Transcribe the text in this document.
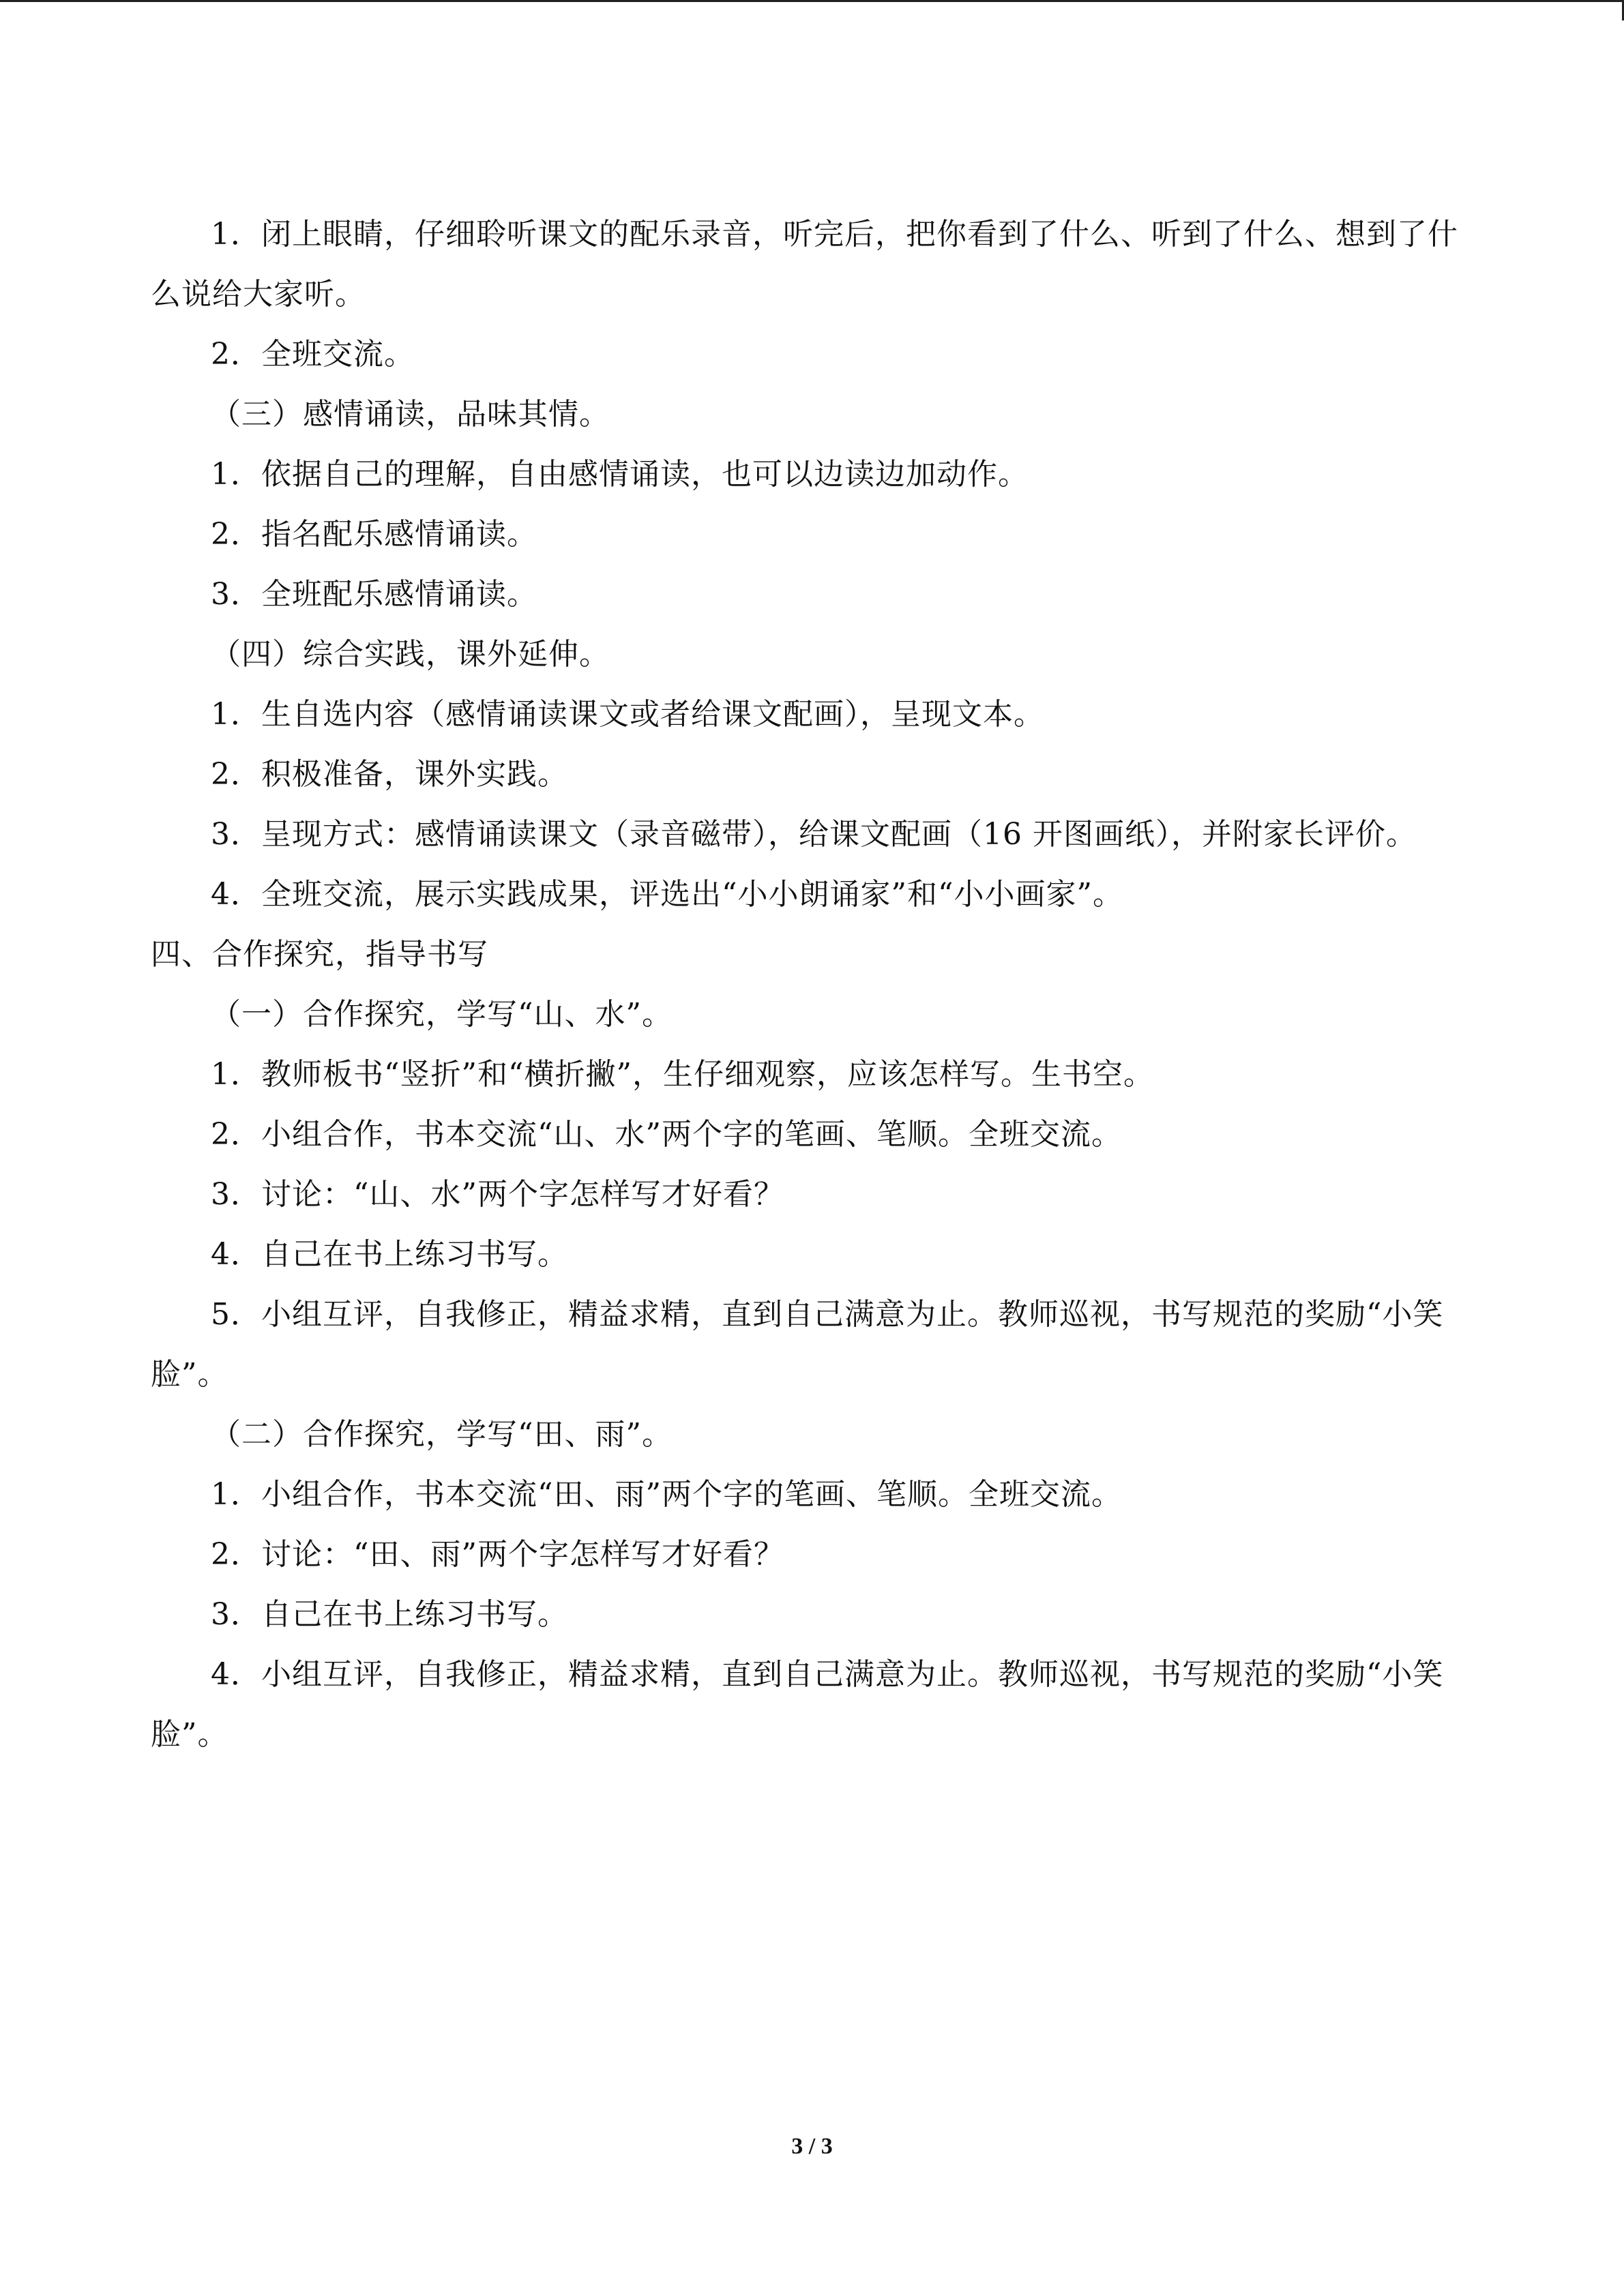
1．闭上眼睛，仔细聆听课文的配乐录音，听完后，把你看到了什么、听到了什么、想到了什么说给大家听。

2．全班交流。

（三）感情诵读，品味其情。

1．依据自己的理解，自由感情诵读，也可以边读边加动作。

2．指名配乐感情诵读。

3．全班配乐感情诵读。

（四）综合实践，课外延伸。

1．生自选内容（感情诵读课文或者给课文配画），呈现文本。

2．积极准备，课外实践。

3．呈现方式：感情诵读课文（录音磁带），给课文配画（16 开图画纸），并附家长评价。

4．全班交流，展示实践成果，评选出“小小朗诵家”和“小小画家”。

四、合作探究，指导书写

（一）合作探究，学写“山、水”。

1．教师板书“竖折”和“横折撇”，生仔细观察，应该怎样写。生书空。

2．小组合作，书本交流“山、水”两个字的笔画、笔顺。全班交流。

3．讨论：“山、水”两个字怎样写才好看？

4．自己在书上练习书写。

5．小组互评，自我修正，精益求精，直到自己满意为止。教师巡视，书写规范的奖励“小笑脸”。

（二）合作探究，学写“田、雨”。

1．小组合作，书本交流“田、雨”两个字的笔画、笔顺。全班交流。

2．讨论：“田、雨”两个字怎样写才好看？

3．自己在书上练习书写。

4．小组互评，自我修正，精益求精，直到自己满意为止。教师巡视，书写规范的奖励“小笑脸”。

3 / 3
